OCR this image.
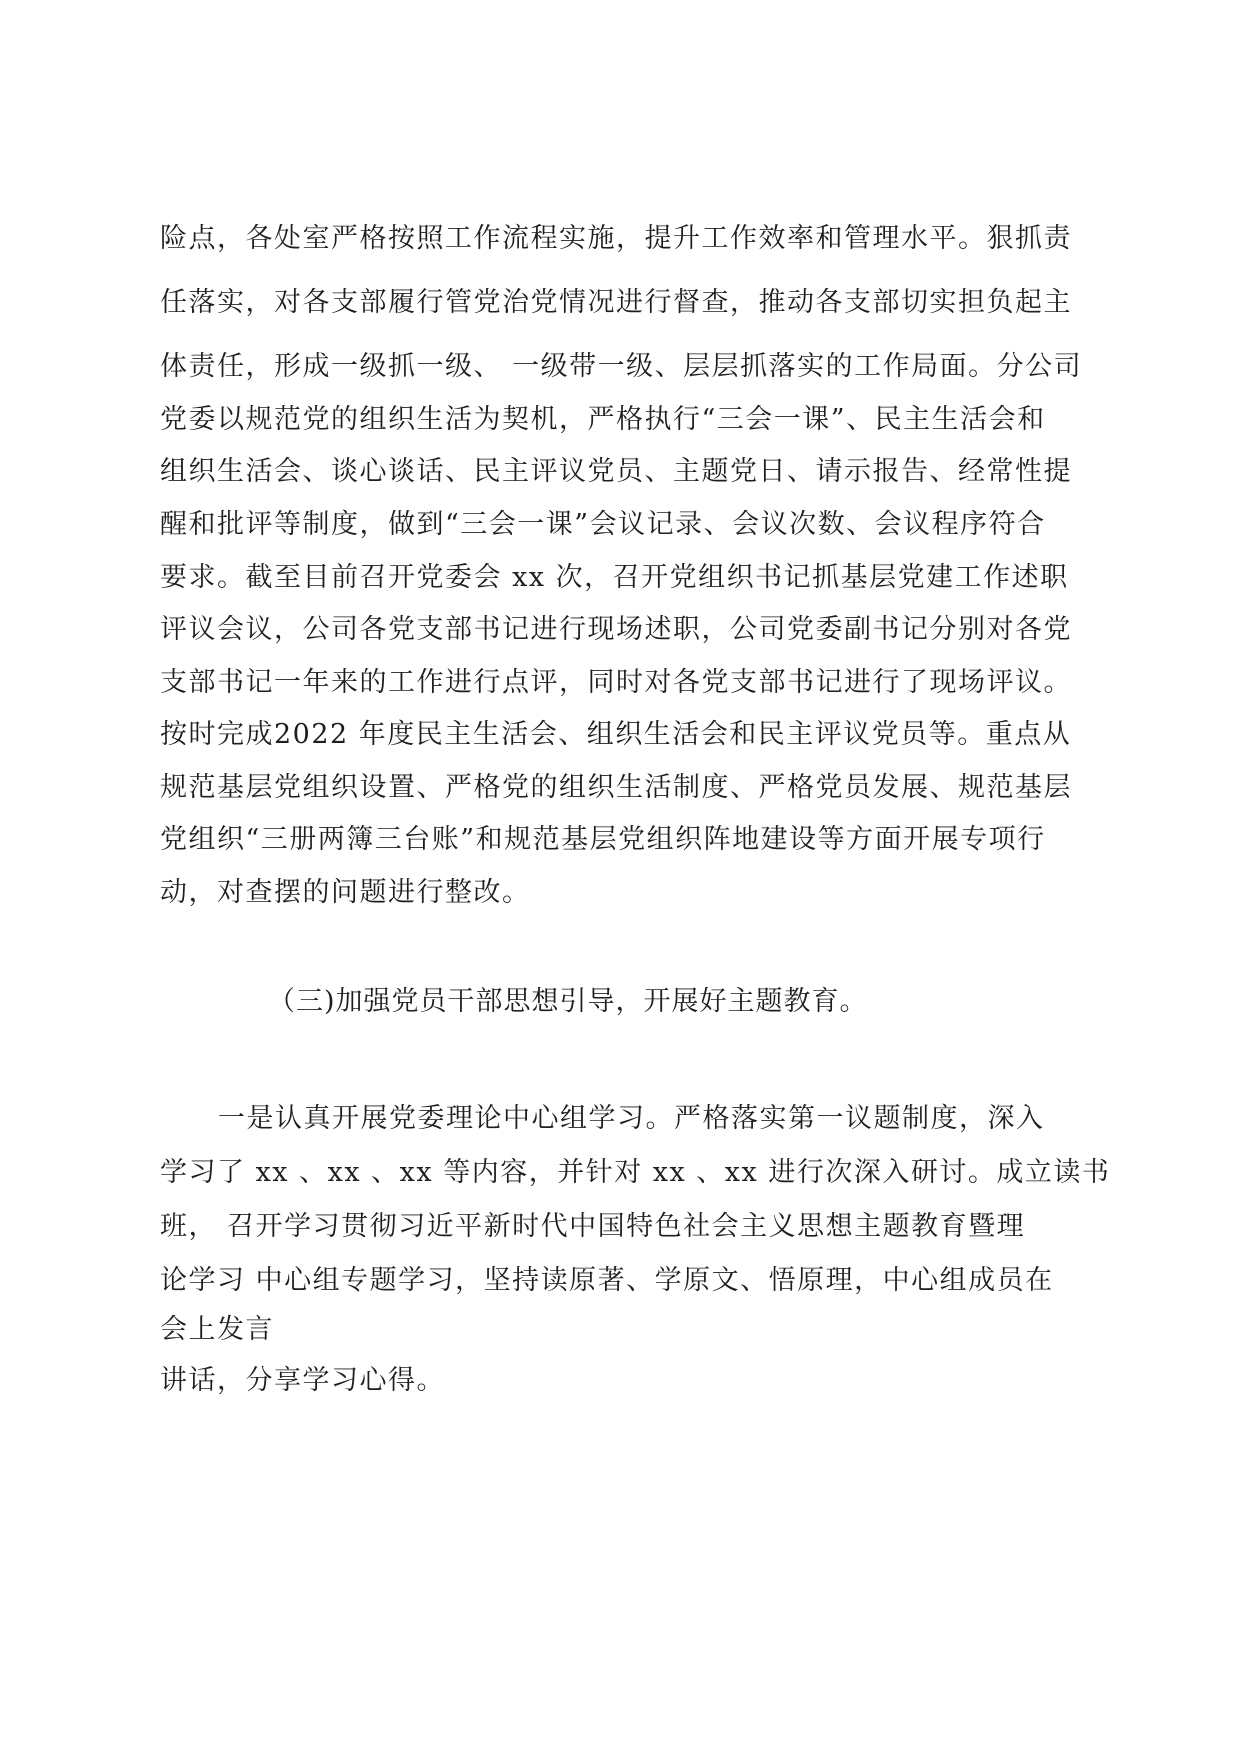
险点，各处室严格按照工作流程实施，提升工作效率和管理水平。狠抓责

任落实，对各支部履行管党治党情况进行督查，推动各支部切实担负起主

体责任，形成一级抓一级、 一级带一级、层层抓落实的工作局面。分公司

党委以规范党的组织生活为契机，严格执行“三会一课”、民主生活会和

组织生活会、谈心谈话、民主评议党员、主题党日、请示报告、经常性提

醒和批评等制度，做到“三会一课”会议记录、会议次数、会议程序符合

要求。截至目前召开党委会 xx 次，召开党组织书记抓基层党建工作述职

评议会议，公司各党支部书记进行现场述职，公司党委副书记分别对各党

支部书记一年来的工作进行点评，同时对各党支部书记进行了现场评议。

按时完成2022 年度民主生活会、组织生活会和民主评议党员等。重点从

规范基层党组织设置、严格党的组织生活制度、严格党员发展、规范基层

党组织“三册两簿三台账”和规范基层党组织阵地建设等方面开展专项行

动，对查摆的问题进行整改。

（三)加强党员干部思想引导，开展好主题教育。

一是认真开展党委理论中心组学习。严格落实第一议题制度，深入

学习了 xx 、xx 、xx 等内容，并针对 xx 、xx 进行次深入研讨。成立读书

班， 召开学习贯彻习近平新时代中国特色社会主义思想主题教育暨理

论学习 中心组专题学习，坚持读原著、学原文、悟原理，中心组成员在

会上发言

讲话，分享学习心得。
